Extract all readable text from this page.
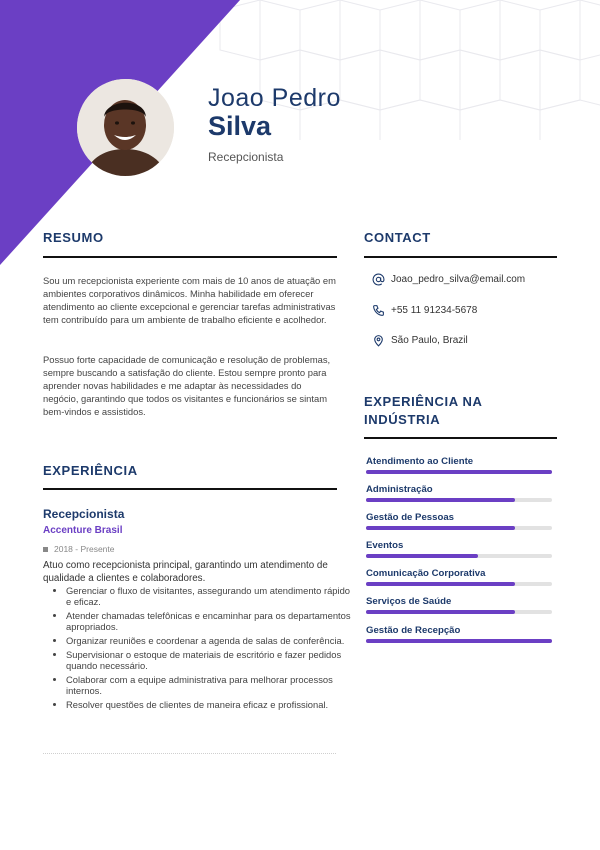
Joao Pedro
Silva
Recepcionista
RESUMO

Sou um recepcionista experiente com mais de 10 anos de atuação em ambientes corporativos dinâmicos. Minha habilidade em oferecer atendimento ao cliente excepcional e gerenciar tarefas administrativas tem contribuído para um ambiente de trabalho eficiente e acolhedor.

Possuo forte capacidade de comunicação e resolução de problemas, sempre buscando a satisfação do cliente. Estou sempre pronto para aprender novas habilidades e me adaptar às necessidades do negócio, garantindo que todos os visitantes e funcionários se sintam bem-vindos e assistidos.

CONTACT
Joao_pedro_silva@email.com
+55 11 91234-5678
São Paulo, Brazil
EXPERIÊNCIA NA
INDÚSTRIA
Atendimento ao Cliente
Administração
Gestão de Pessoas
Eventos
Comunicação Corporativa
Serviços de Saúde
Gestão de Recepção
EXPERIÊNCIA
Recepcionista
Accenture Brasil
2018 - Presente

Atuo como recepcionista principal, garantindo um atendimento de qualidade a clientes e colaboradores.

• Gerenciar o fluxo de visitantes, assegurando um atendimento rápido e eficaz.
• Atender chamadas telefônicas e encaminhar para os departamentos apropriados.
• Organizar reuniões e coordenar a agenda de salas de conferência.
• Supervisionar o estoque de materiais de escritório e fazer pedidos quando necessário.
• Colaborar com a equipe administrativa para melhorar processos internos.
• Resolver questões de clientes de maneira eficaz e profissional.
